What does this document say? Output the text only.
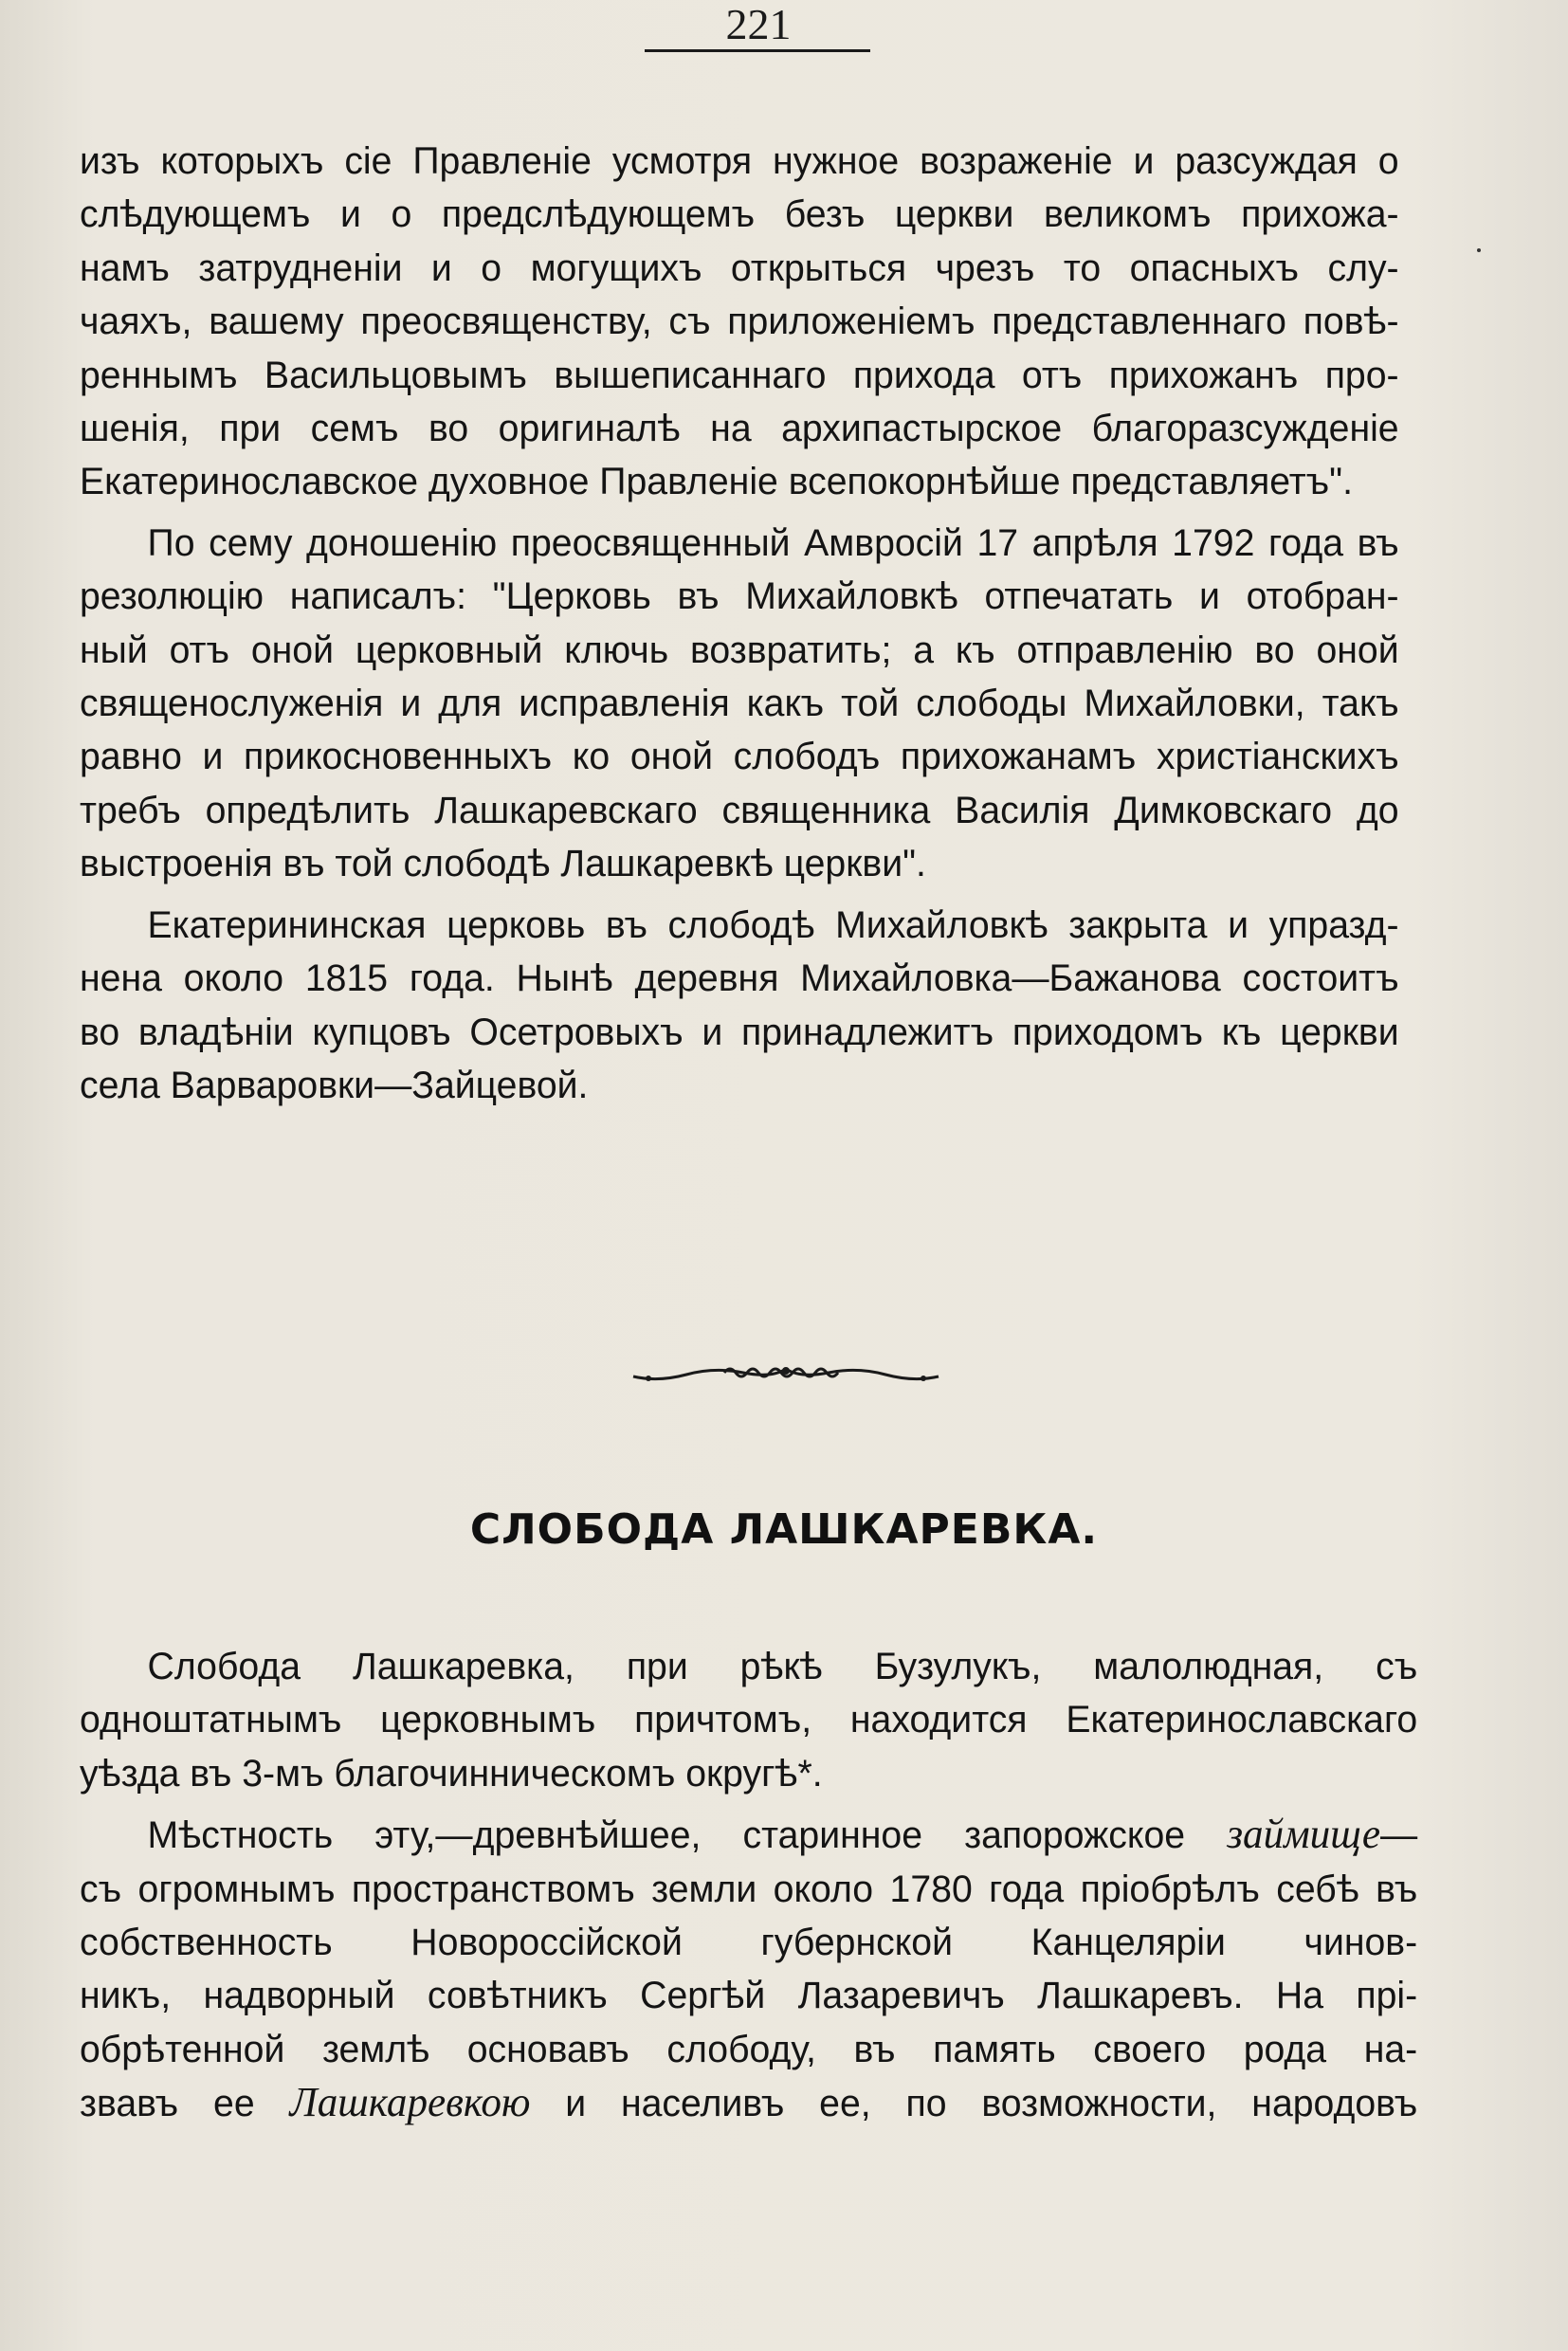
221

изъ которыхъ сіе Правленіе усмотря нужное возраженіе и разсуждая о
слѣдующемъ и о предслѣдующемъ безъ церкви великомъ прихожа-
намъ затрудненіи и о могущихъ открыться чрезъ то опасныхъ слу-
чаяхъ, вашему преосвященству, съ приложеніемъ представленнаго повѣ-
реннымъ Васильцовымъ вышеписаннаго прихода отъ прихожанъ про-
шенія, при семъ во оригиналѣ на архипастырское благоразсужденіе
Екатеринославское духовное Правленіе всепокорнѣйше представляетъ".

По сему доношенію преосвященный Амвросій 17 апрѣля 1792 года въ
резолюцію написалъ: "Церковь въ Михайловкѣ отпечатать и отобран-
ный отъ оной церковный ключь возвратить; а къ отправленію во оной
священослуженія и для исправленія какъ той слободы Михайловки, такъ
равно и прикосновенныхъ ко оной слободъ прихожанамъ христіанскихъ
требъ опредѣлить Лашкаревскаго священника Василія Димковскаго до
выстроенія въ той слободѣ Лашкаревкѣ церкви".

Екатерининская церковь въ слободѣ Михайловкѣ закрыта и упразд-
нена около 1815 года. Нынѣ деревня Михайловка—Бажанова состоитъ
во владѣніи купцовъ Осетровыхъ и принадлежитъ приходомъ къ церкви
села Варваровки—Зайцевой.

СЛОБОДА ЛАШКАРЕВКА.

Слобода Лашкаревка, при рѣкѣ Бузулукъ, малолюдная, съ
одноштатнымъ церковнымъ причтомъ, находится Екатеринославскаго
уѣзда въ 3-мъ благочинническомъ округѣ*.

Мѣстность эту,—древнѣйшее, старинное запорожское займище—
съ огромнымъ пространствомъ земли около 1780 года пріобрѣлъ себѣ въ
собственность Новороссійской губернской Канцеляріи чинов-
никъ, надворный совѣтникъ Сергѣй Лазаревичъ Лашкаревъ. На прі-
обрѣтенной землѣ основавъ слободу, въ память своего рода на-
звавъ ее Лашкаревкою и населивъ ее, по возможности, народовъ
